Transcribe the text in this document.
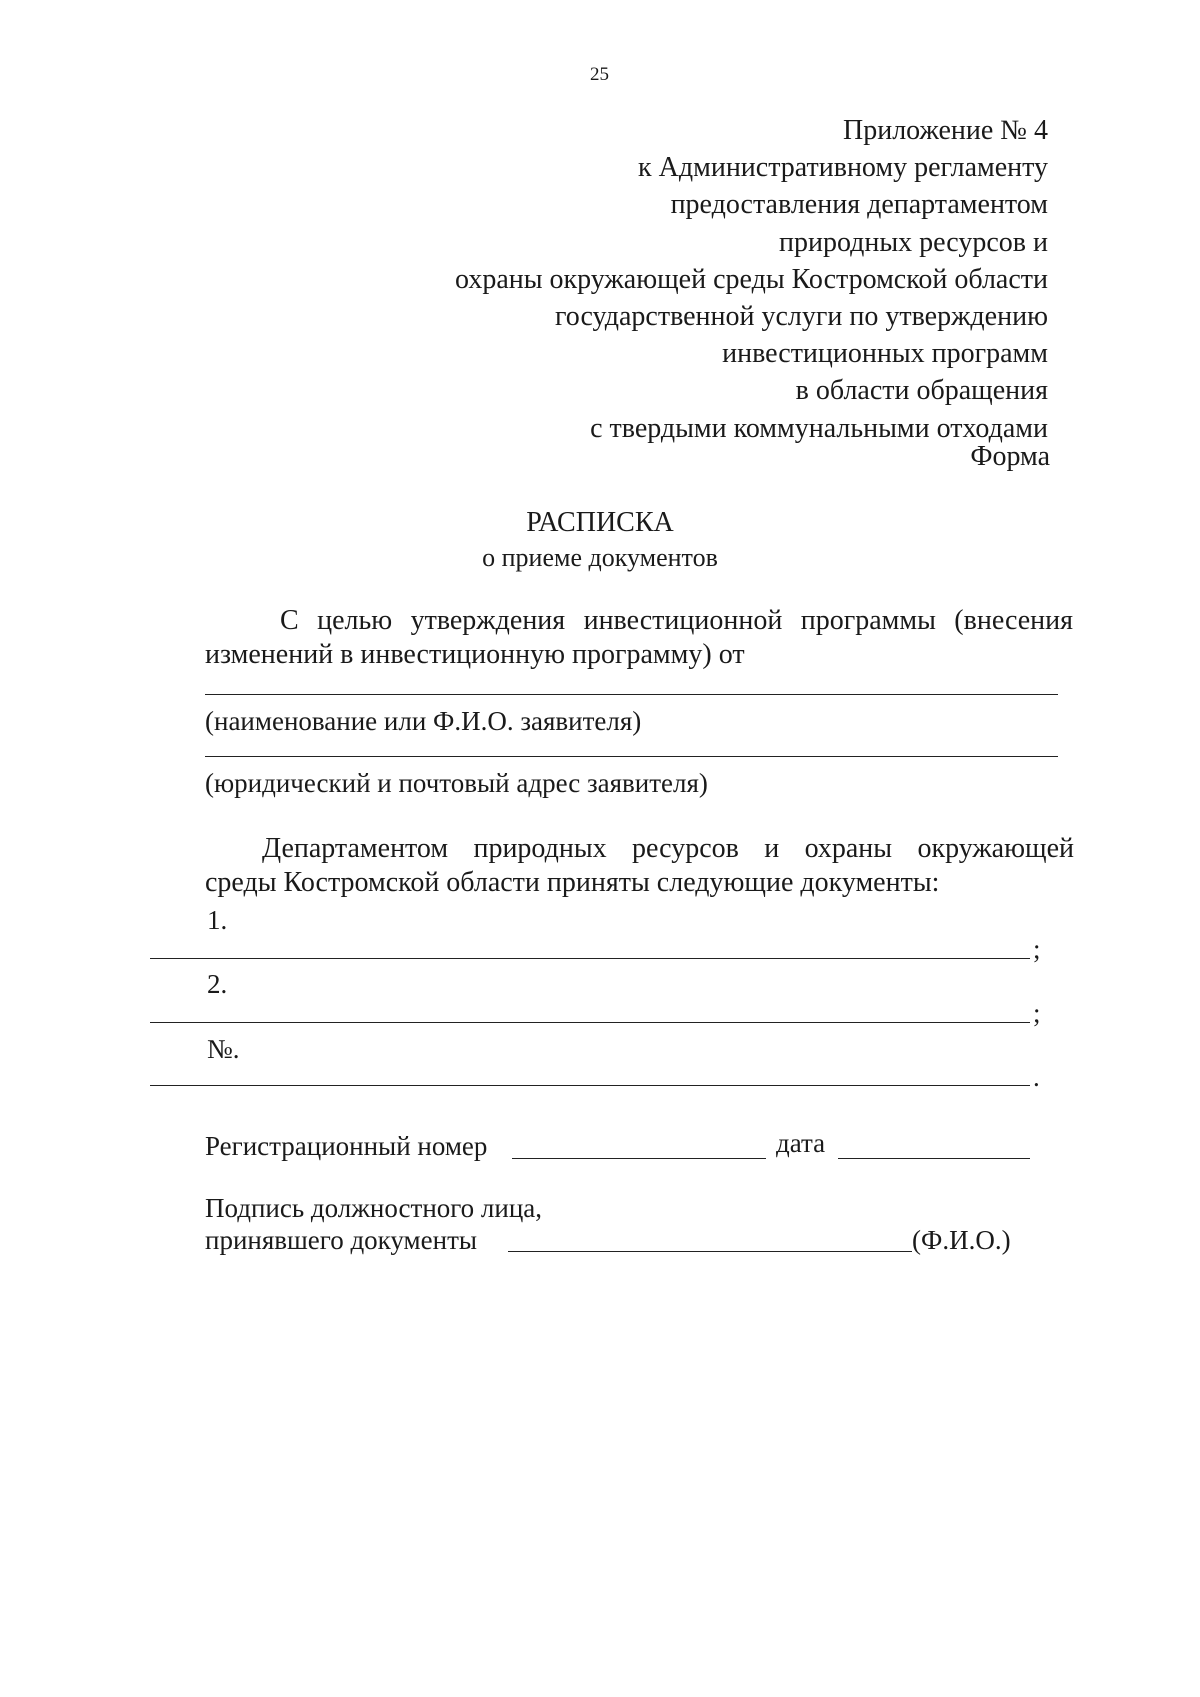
25
Приложение № 4
к Административному регламенту
предоставления департаментом
природных ресурсов и
охраны окружающей среды Костромской области
государственной услуги по утверждению
инвестиционных программ
в области обращения
с твердыми коммунальными отходами
Форма
РАСПИСКА
о приеме документов
С целью утверждения инвестиционной программы (внесения
изменений в инвестиционную программу) от
(наименование или Ф.И.О. заявителя)
(юридический и почтовый адрес заявителя)
Департаментом природных ресурсов и охраны окружающей
среды Костромской области приняты следующие документы:
1.
;
2.
;
№.
.
Регистрационный номер	дата
Подпись должностного лица,
принявшего документы	(Ф.И.О.)
